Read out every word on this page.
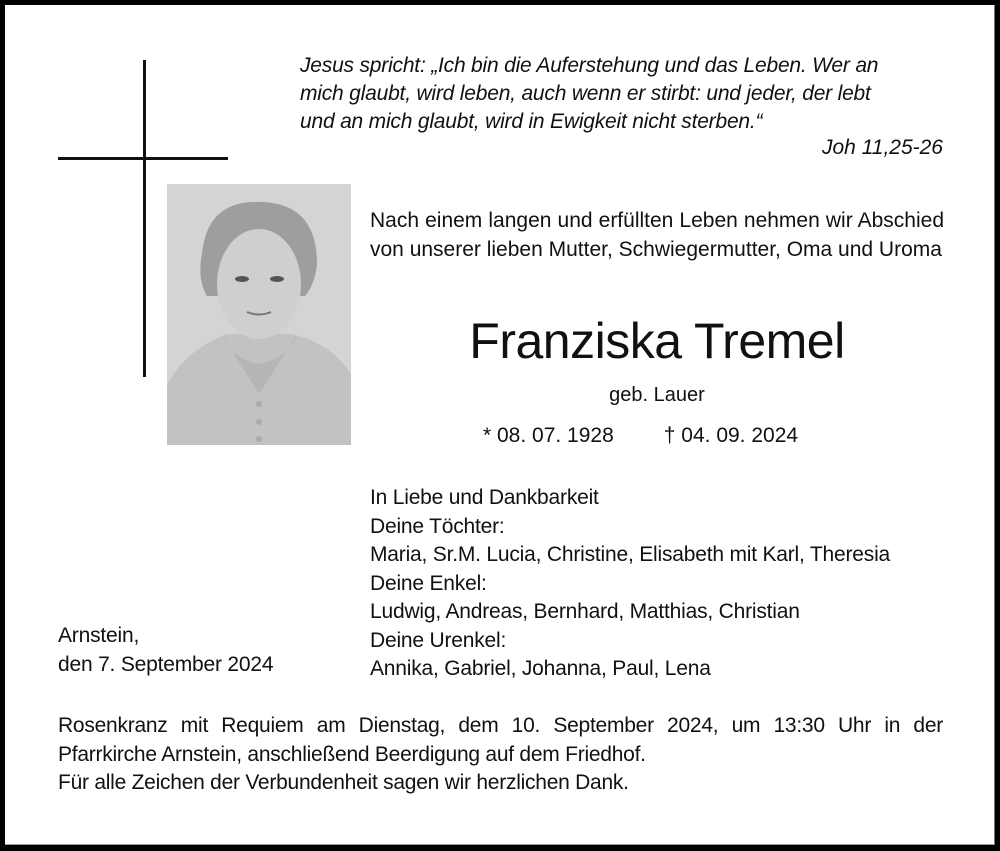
Jesus spricht: „Ich bin die Auferstehung und das Leben. Wer an
mich glaubt, wird leben, auch wenn er stirbt: und jeder, der lebt
und an mich glaubt, wird in Ewigkeit nicht sterben.“
Joh 11,25-26
Nach einem langen und erfüllten Leben nehmen wir Abschied von unserer lieben Mutter, Schwiegermutter, Oma und Uroma
Franziska Tremel
geb. Lauer
* 08. 07. 1928 † 04. 09. 2024
In Liebe und Dankbarkeit
Deine Töchter:
Maria, Sr.M. Lucia, Christine, Elisabeth mit Karl, Theresia
Deine Enkel:
Ludwig, Andreas, Bernhard, Matthias, Christian
Deine Urenkel:
Annika, Gabriel, Johanna, Paul, Lena
Arnstein,
den 7. September 2024
Rosenkranz mit Requiem am Dienstag, dem 10. September 2024, um 13:30 Uhr in der
Pfarrkirche Arnstein, anschließend Beerdigung auf dem Friedhof.
Für alle Zeichen der Verbundenheit sagen wir herzlichen Dank.
